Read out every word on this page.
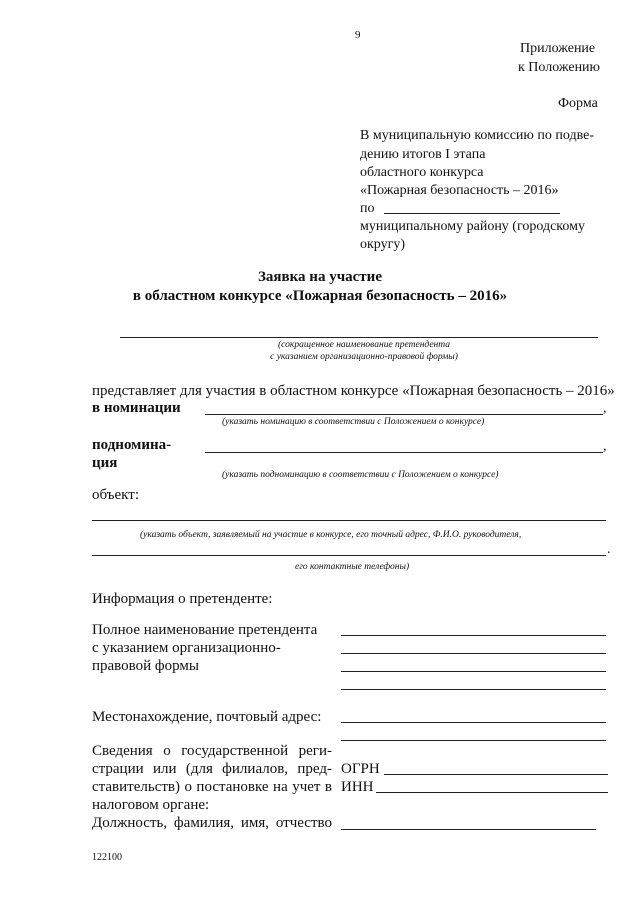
9
Приложение
к Положению
Форма
В муниципальную комиссию по подве-
дению итогов I этапа
областного конкурса
«Пожарная безопасность – 2016»
по
муниципальному району (городскому
округу)
Заявка на участие
в областном конкурсе «Пожарная безопасность – 2016»
(сокращенное наименование претендента
с указанием организационно-правовой формы)
представляет для участия в областном конкурсе «Пожарная безопасность – 2016»
в номинации	,
(указать номинацию в соответствии с Положением о конкурсе)
подномина-
ция
,
(указать подноминацию в соответствии с Положением о конкурсе)
объект:
(указать объект, заявляемый на участие в конкурсе, его точный адрес, Ф.И.О. руководителя,
.
его контактные телефоны)
Информация о претенденте:
Полное наименование претендента
с указанием организационно-
правовой формы
Местонахождение, почтовый адрес:
Сведения о государственной реги-
страции или (для филиалов, пред-
ставительств) о постановке на учет в
налоговом органе:
ОГРН
ИНН
Должность, фамилия, имя, отчество
122100
